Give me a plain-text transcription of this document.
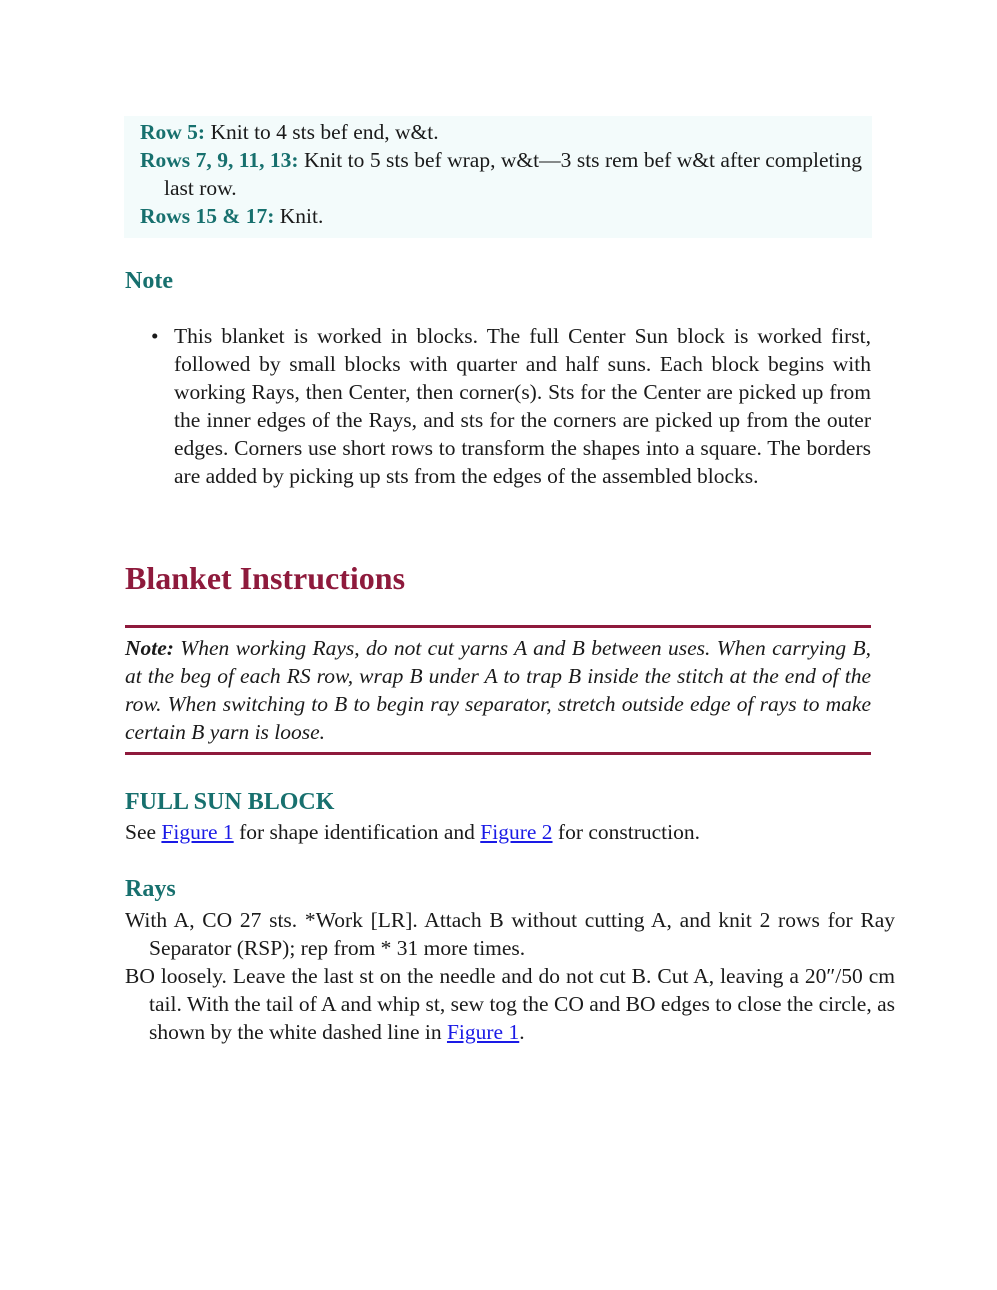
Row 5: Knit to 4 sts bef end, w&t.

Rows 7, 9, 11, 13: Knit to 5 sts bef wrap, w&t—3 sts rem bef w&t after completing last row.

Rows 15 & 17: Knit.

Note
• This blanket is worked in blocks. The full Center Sun block is worked first, followed by small blocks with quarter and half suns. Each block begins with working Rays, then Center, then corner(s). Sts for the Center are picked up from the inner edges of the Rays, and sts for the corners are picked up from the outer edges. Corners use short rows to transform the shapes into a square. The borders are added by picking up sts from the edges of the assembled blocks.
Blanket Instructions

Note: When working Rays, do not cut yarns A and B between uses. When carrying B, at the beg of each RS row, wrap B under A to trap B inside the stitch at the end of the row. When switching to B to begin ray separator, stretch outside edge of rays to make certain B yarn is loose.

FULL SUN BLOCK

See Figure 1 for shape identification and Figure 2 for construction.

Rays

With A, CO 27 sts. *Work [LR]. Attach B without cutting A, and knit 2 rows for Ray Separator (RSP); rep from * 31 more times.

BO loosely. Leave the last st on the needle and do not cut B. Cut A, leaving a 20″/50 cm tail. With the tail of A and whip st, sew tog the CO and BO edges to close the circle, as shown by the white dashed line in Figure 1.
